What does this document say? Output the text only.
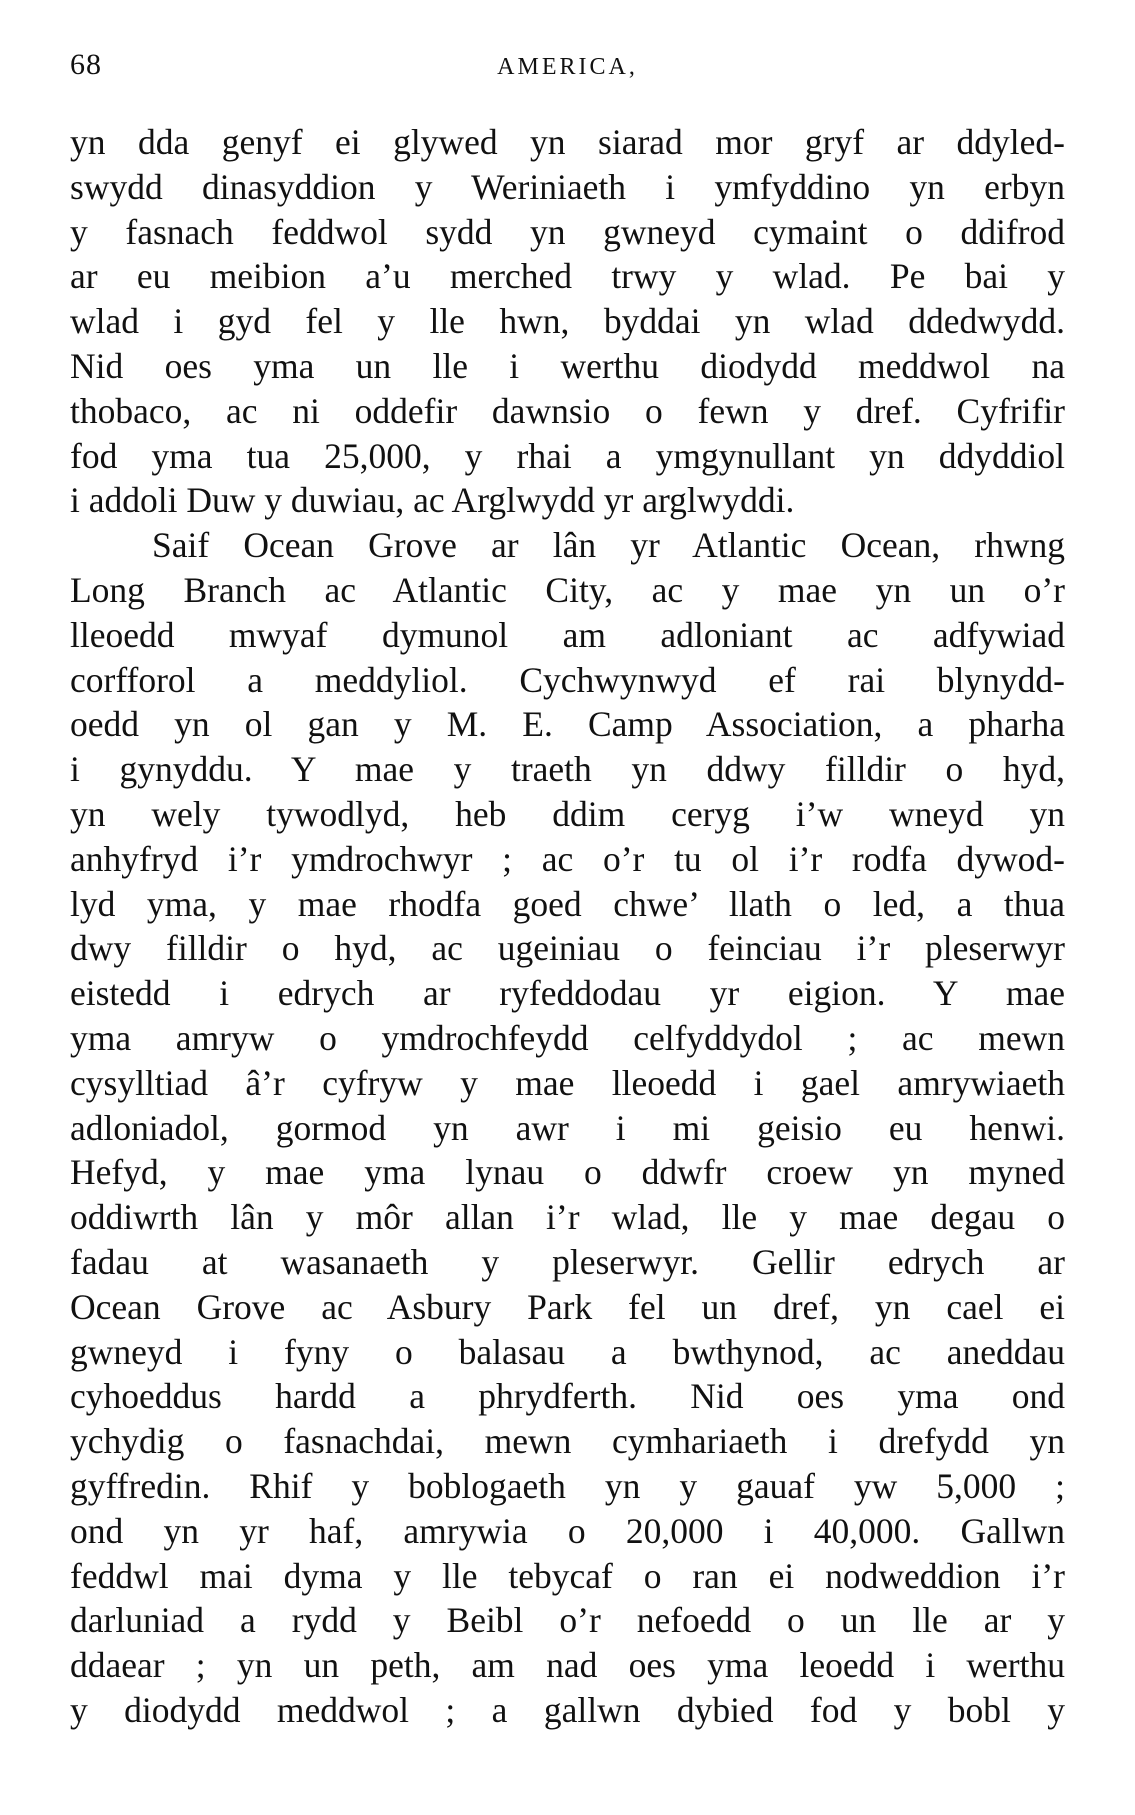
68	AMERICA,
yn dda genyf ei glywed yn siarad mor gryf ar ddyled-
swydd dinasyddion y Weriniaeth i ymfyddino yn erbyn
y fasnach feddwol sydd yn gwneyd cymaint o ddifrod
ar eu meibion a’u merched trwy y wlad. Pe bai y
wlad i gyd fel y lle hwn, byddai yn wlad ddedwydd.
Nid oes yma un lle i werthu diodydd meddwol na
thobaco, ac ni oddefir dawnsio o fewn y dref. Cyfrifir
fod yma tua 25,000, y rhai a ymgynullant yn ddyddiol
i addoli Duw y duwiau, ac Arglwydd yr arglwyddi.
Saif Ocean Grove ar lân yr Atlantic Ocean, rhwng
Long Branch ac Atlantic City, ac y mae yn un o’r
lleoedd mwyaf dymunol am adloniant ac adfywiad
corfforol a meddyliol. Cychwynwyd ef rai blynydd-
oedd yn ol gan y M. E. Camp Association, a pharha
i gynyddu. Y mae y traeth yn ddwy filldir o hyd,
yn wely tywodlyd, heb ddim ceryg i’w wneyd yn
anhyfryd i’r ymdrochwyr ; ac o’r tu ol i’r rodfa dywod-
lyd yma, y mae rhodfa goed chwe’ llath o led, a thua
dwy filldir o hyd, ac ugeiniau o feinciau i’r pleserwyr
eistedd i edrych ar ryfeddodau yr eigion. Y mae
yma amryw o ymdrochfeydd celfyddydol ; ac mewn
cysylltiad â’r cyfryw y mae lleoedd i gael amrywiaeth
adloniadol, gormod yn awr i mi geisio eu henwi.
Hefyd, y mae yma lynau o ddwfr croew yn myned
oddiwrth lân y môr allan i’r wlad, lle y mae degau o
fadau at wasanaeth y pleserwyr. Gellir edrych ar
Ocean Grove ac Asbury Park fel un dref, yn cael ei
gwneyd i fyny o balasau a bwthynod, ac aneddau
cyhoeddus hardd a phrydferth. Nid oes yma ond
ychydig o fasnachdai, mewn cymhariaeth i drefydd yn
gyffredin. Rhif y boblogaeth yn y gauaf yw 5,000 ;
ond yn yr haf, amrywia o 20,000 i 40,000. Gallwn
feddwl mai dyma y lle tebycaf o ran ei nodweddion i’r
darluniad a rydd y Beibl o’r nefoedd o un lle ar y
ddaear ; yn un peth, am nad oes yma leoedd i werthu
y diodydd meddwol ; a gallwn dybied fod y bobl y
